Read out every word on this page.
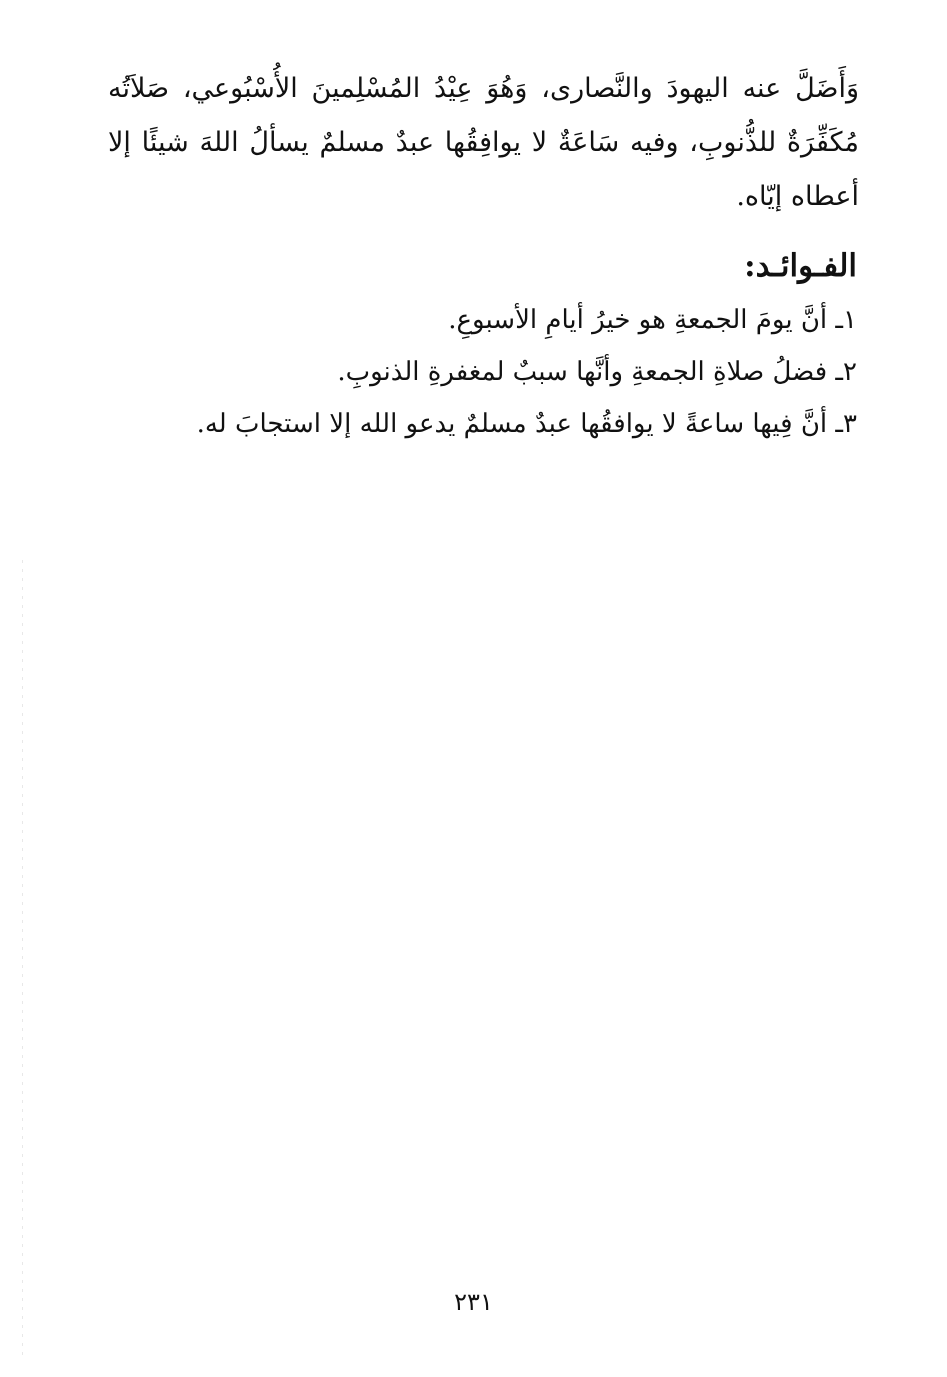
وَأَضَلَّ عنه اليهودَ والنَّصارى، وَهُوَ عِيْدُ المُسْلِمينَ الأُسْبُوعي، صَلاَتُه
مُكَفِّرَةٌ للذُّنوبِ، وفيه سَاعَةٌ لا يوافِقُها عبدٌ مسلمٌ يسألُ اللهَ شيئًا إلا
أعطاه إيّاه.
الفـوائـد:
١ـ أنَّ يومَ الجمعةِ هو خيرُ أيامِ الأسبوعِ.
٢ـ فضلُ صلاةِ الجمعةِ وأنَّها سببٌ لمغفرةِ الذنوبِ.
٣ـ أنَّ فِيها ساعةً لا يوافقُها عبدٌ مسلمٌ يدعو الله إلا استجابَ له.
٢٣١
